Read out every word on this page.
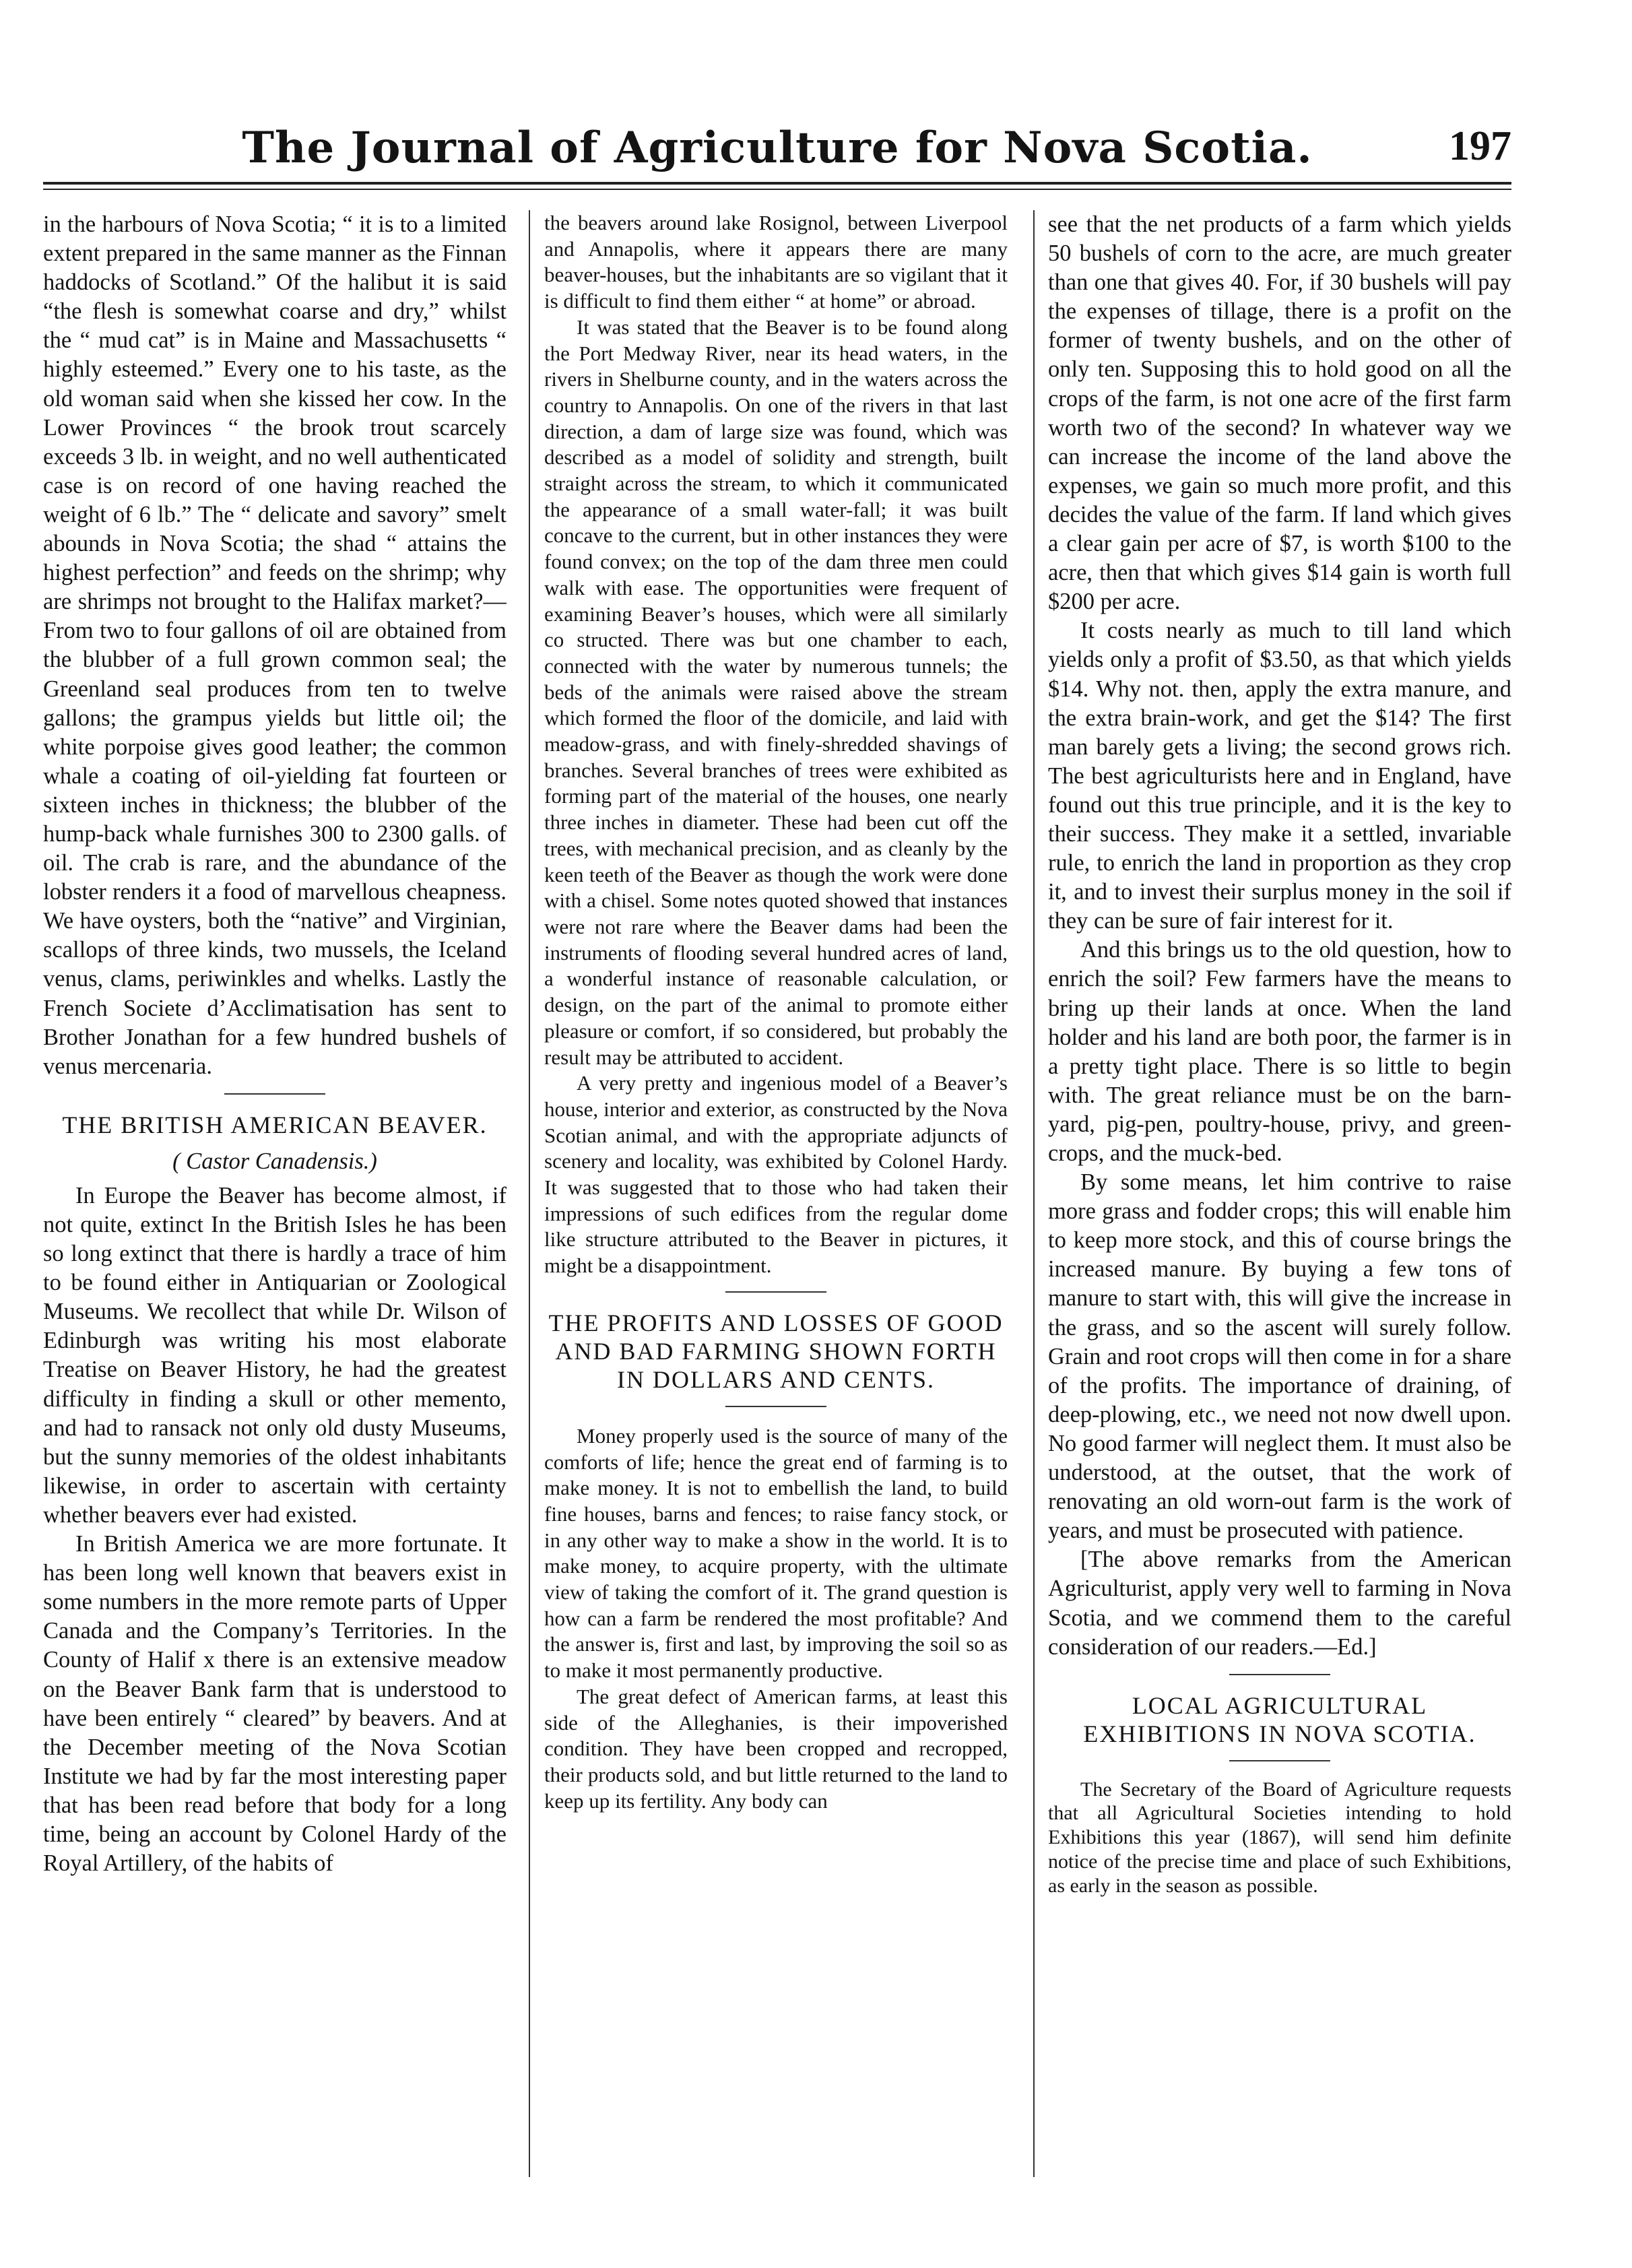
The Journal of Agriculture for Nova Scotia.	197

in the harbours of Nova Scotia; “ it is to a limited extent prepared in the same manner as the Finnan haddocks of Scotland.” Of the halibut it is said “the flesh is somewhat coarse and dry,” whilst the “ mud cat” is in Maine and Massachusetts “ highly esteemed.” Every one to his taste, as the old woman said when she kissed her cow. In the Lower Provinces “ the brook trout scarcely exceeds 3 lb. in weight, and no well authenticated case is on record of one having reached the weight of 6 lb.” The “ delicate and savory” smelt abounds in Nova Scotia; the shad “ attains the highest perfection” and feeds on the shrimp; why are shrimps not brought to the Halifax market?— From two to four gallons of oil are obtained from the blubber of a full grown common seal; the Greenland seal produces from ten to twelve gallons; the grampus yields but little oil; the white porpoise gives good leather; the common whale a coating of oil-yielding fat fourteen or sixteen inches in thickness; the blubber of the hump-back whale furnishes 300 to 2300 galls. of oil. The crab is rare, and the abundance of the lobster renders it a food of marvellous cheapness. We have oysters, both the “native” and Virginian, scallops of three kinds, two mussels, the Iceland venus, clams, periwinkles and whelks. Lastly the French Societe d’Acclimatisation has sent to Brother Jonathan for a few hundred bushels of venus mercenaria.

THE BRITISH AMERICAN BEAVER.
( Castor Canadensis.)

In Europe the Beaver has become almost, if not quite, extinct In the British Isles he has been so long extinct that there is hardly a trace of him to be found either in Antiquarian or Zoological Museums. We recollect that while Dr. Wilson of Edinburgh was writing his most elaborate Treatise on Beaver History, he had the greatest difficulty in finding a skull or other memento, and had to ransack not only old dusty Museums, but the sunny memories of the oldest inhabitants likewise, in order to ascertain with certainty whether beavers ever had existed.

In British America we are more fortunate. It has been long well known that beavers exist in some numbers in the more remote parts of Upper Canada and the Company’s Territories. In the County of Halif x there is an extensive meadow on the Beaver Bank farm that is understood to have been entirely “ cleared” by beavers. And at the December meeting of the Nova Scotian Institute we had by far the most interesting paper that has been read before that body for a long time, being an account by Colonel Hardy of the Royal Artillery, of the habits of

the beavers around lake Rosignol, between Liverpool and Annapolis, where it appears there are many beaver-houses, but the inhabitants are so vigilant that it is difficult to find them either “ at home” or abroad.

It was stated that the Beaver is to be found along the Port Medway River, near its head waters, in the rivers in Shelburne county, and in the waters across the country to Annapolis. On one of the rivers in that last direction, a dam of large size was found, which was described as a model of solidity and strength, built straight across the stream, to which it communicated the appearance of a small water-fall; it was built concave to the current, but in other instances they were found convex; on the top of the dam three men could walk with ease. The opportunities were frequent of examining Beaver’s houses, which were all similarly co structed. There was but one chamber to each, connected with the water by numerous tunnels; the beds of the animals were raised above the stream which formed the floor of the domicile, and laid with meadow-grass, and with finely-shredded shavings of branches. Several branches of trees were exhibited as forming part of the material of the houses, one nearly three inches in diameter. These had been cut off the trees, with mechanical precision, and as cleanly by the keen teeth of the Beaver as though the work were done with a chisel. Some notes quoted showed that instances were not rare where the Beaver dams had been the instruments of flooding several hundred acres of land, a wonderful instance of reasonable calculation, or design, on the part of the animal to promote either pleasure or comfort, if so considered, but probably the result may be attributed to accident.

A very pretty and ingenious model of a Beaver’s house, interior and exterior, as constructed by the Nova Scotian animal, and with the appropriate adjuncts of scenery and locality, was exhibited by Colonel Hardy. It was suggested that to those who had taken their impressions of such edifices from the regular dome like structure attributed to the Beaver in pictures, it might be a disappointment.

THE PROFITS AND LOSSES OF GOOD AND BAD FARMING SHOWN FORTH IN DOLLARS AND CENTS.

Money properly used is the source of many of the comforts of life; hence the great end of farming is to make money. It is not to embellish the land, to build fine houses, barns and fences; to raise fancy stock, or in any other way to make a show in the world. It is to make money, to acquire property, with the ultimate view of taking the comfort of it. The grand question is how can a farm be rendered the most profitable? And the answer is, first and last, by improving the soil so as to make it most permanently productive.

The great defect of American farms, at least this side of the Alleghanies, is their impoverished condition. They have been cropped and recropped, their products sold, and but little returned to the land to keep up its fertility. Any body can

see that the net products of a farm which yields 50 bushels of corn to the acre, are much greater than one that gives 40. For, if 30 bushels will pay the expenses of tillage, there is a profit on the former of twenty bushels, and on the other of only ten. Supposing this to hold good on all the crops of the farm, is not one acre of the first farm worth two of the second? In whatever way we can increase the income of the land above the expenses, we gain so much more profit, and this decides the value of the farm. If land which gives a clear gain per acre of $7, is worth $100 to the acre, then that which gives $14 gain is worth full $200 per acre.

It costs nearly as much to till land which yields only a profit of $3.50, as that which yields $14. Why not. then, apply the extra manure, and the extra brain-work, and get the $14? The first man barely gets a living; the second grows rich. The best agriculturists here and in England, have found out this true principle, and it is the key to their success. They make it a settled, invariable rule, to enrich the land in proportion as they crop it, and to invest their surplus money in the soil if they can be sure of fair interest for it.

And this brings us to the old question, how to enrich the soil? Few farmers have the means to bring up their lands at once. When the land holder and his land are both poor, the farmer is in a pretty tight place. There is so little to begin with. The great reliance must be on the barn-yard, pig-pen, poultry-house, privy, and green-crops, and the muck-bed.

By some means, let him contrive to raise more grass and fodder crops; this will enable him to keep more stock, and this of course brings the increased manure. By buying a few tons of manure to start with, this will give the increase in the grass, and so the ascent will surely follow. Grain and root crops will then come in for a share of the profits. The importance of draining, of deep-plowing, etc., we need not now dwell upon. No good farmer will neglect them. It must also be understood, at the outset, that the work of renovating an old worn-out farm is the work of years, and must be prosecuted with patience.

[The above remarks from the American Agriculturist, apply very well to farming in Nova Scotia, and we commend them to the careful consideration of our readers.—Ed.]

LOCAL AGRICULTURAL EXHIBITIONS IN NOVA SCOTIA.

The Secretary of the Board of Agriculture requests that all Agricultural Societies intending to hold Exhibitions this year (1867), will send him definite notice of the precise time and place of such Exhibitions, as early in the season as possible.
